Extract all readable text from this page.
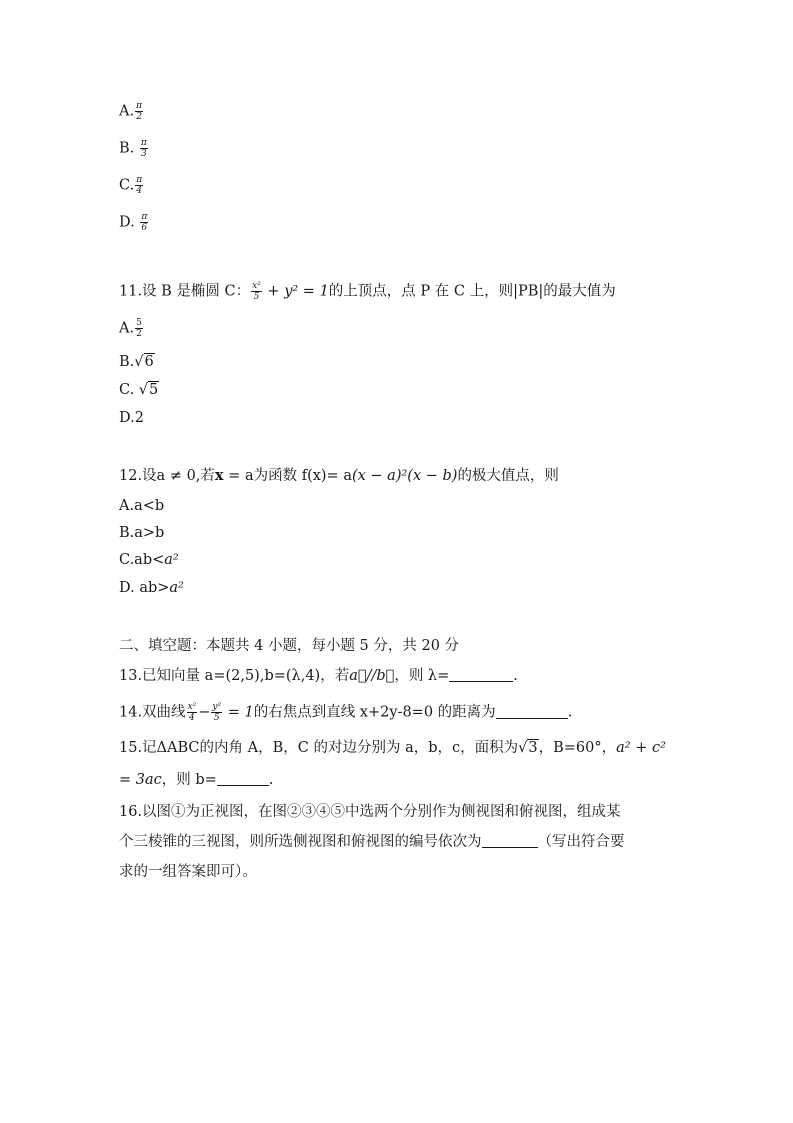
A. $\frac{\pi}{2}$
B. $\frac{\pi}{3}$
C. $\frac{\pi}{4}$
D. $\frac{\pi}{6}$
11.设 B 是椭圆 C： $\frac{\text{x²}}{5} + y^2 = 1$的上顶点，点 P 在 C 上，则|PB|的最大值为
A. $\frac{5}{2}$
B.√6
C. √5
D.2
12.设a ≠ 0,若x = a为函数 f(x)= a(x − a)²(x − b)的极大值点，则
A.a<b
B.a>b
C.ab<a²
D. ab>a²
二、填空题：本题共 4 小题，每小题 5 分，共 20 分
13.已知向量 a=(2,5),b=(λ,4)，若a⃗//b⃗，则 λ=	.
14.双曲线 $\frac{\text{x²}}{4} - \frac{\text{y²}}{5} = 1$的右焦点到直线 x+2y-8=0 的距离为	.
15.记ΔABC的内角 A，B，C 的对边分别为 a，b，c，面积为√3，B=60°，a² + c²
= 3ac，则 b=	.
16.以图①为正视图，在图②③④⑤中选两个分别作为侧视图和俯视图，组成某
个三棱锥的三视图，则所选侧视图和俯视图的编号依次为	（写出符合要
求的一组答案即可）。
